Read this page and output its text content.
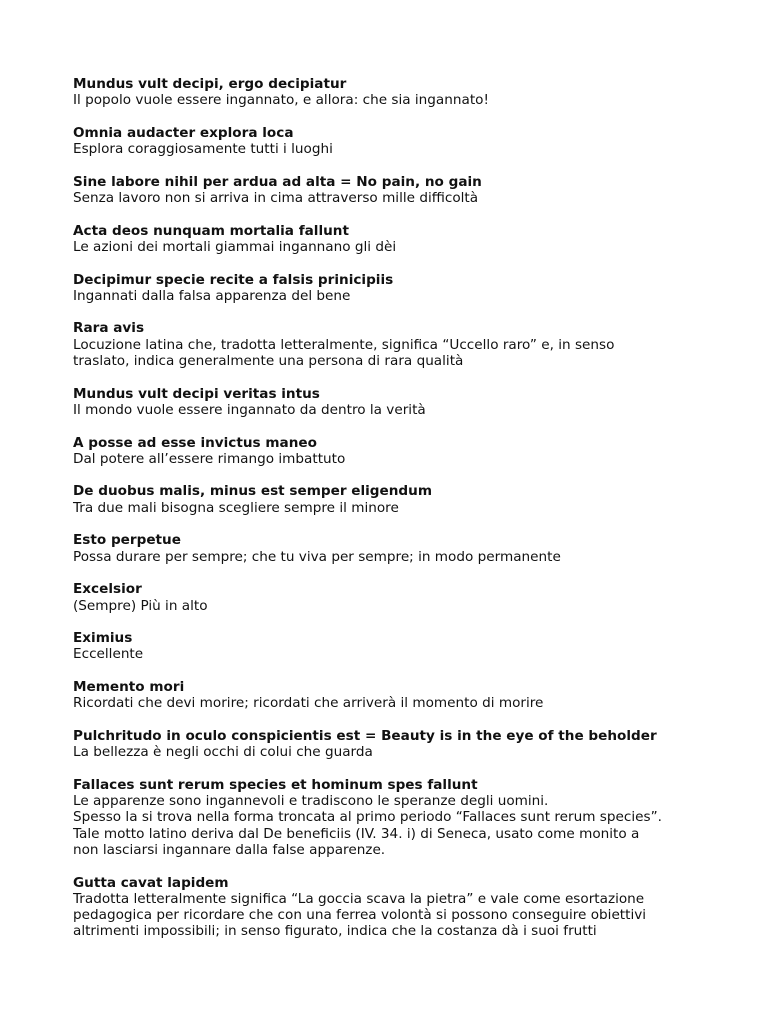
Mundus vult decipi, ergo decipiatur
Il popolo vuole essere ingannato, e allora: che sia ingannato!
Omnia audacter explora loca
Esplora coraggiosamente tutti i luoghi
Sine labore nihil per ardua ad alta = No pain, no gain
Senza lavoro non si arriva in cima attraverso mille difficoltà
Acta deos nunquam mortalia fallunt
Le azioni dei mortali giammai ingannano gli dèi
Decipimur specie recite a falsis prinicipiis
Ingannati dalla falsa apparenza del bene
Rara avis
Locuzione latina che, tradotta letteralmente, significa “Uccello raro” e, in senso
traslato, indica generalmente una persona di rara qualità
Mundus vult decipi veritas intus
Il mondo vuole essere ingannato da dentro la verità
A posse ad esse invictus maneo
Dal potere all’essere rimango imbattuto
De duobus malis, minus est semper eligendum
Tra due mali bisogna scegliere sempre il minore
Esto perpetue
Possa durare per sempre; che tu viva per sempre; in modo permanente
Excelsior
(Sempre) Più in alto
Eximius
Eccellente
Memento mori
Ricordati che devi morire; ricordati che arriverà il momento di morire
Pulchritudo in oculo conspicientis est = Beauty is in the eye of the beholder
La bellezza è negli occhi di colui che guarda
Fallaces sunt rerum species et hominum spes fallunt
Le apparenze sono ingannevoli e tradiscono le speranze degli uomini.
Spesso la si trova nella forma troncata al primo periodo “Fallaces sunt rerum species”.
Tale motto latino deriva dal De beneficiis (IV. 34. i) di Seneca, usato come monito a
non lasciarsi ingannare dalla false apparenze.
Gutta cavat lapidem
Tradotta letteralmente significa “La goccia scava la pietra” e vale come esortazione
pedagogica per ricordare che con una ferrea volontà si possono conseguire obiettivi
altrimenti impossibili; in senso figurato, indica che la costanza dà i suoi frutti
